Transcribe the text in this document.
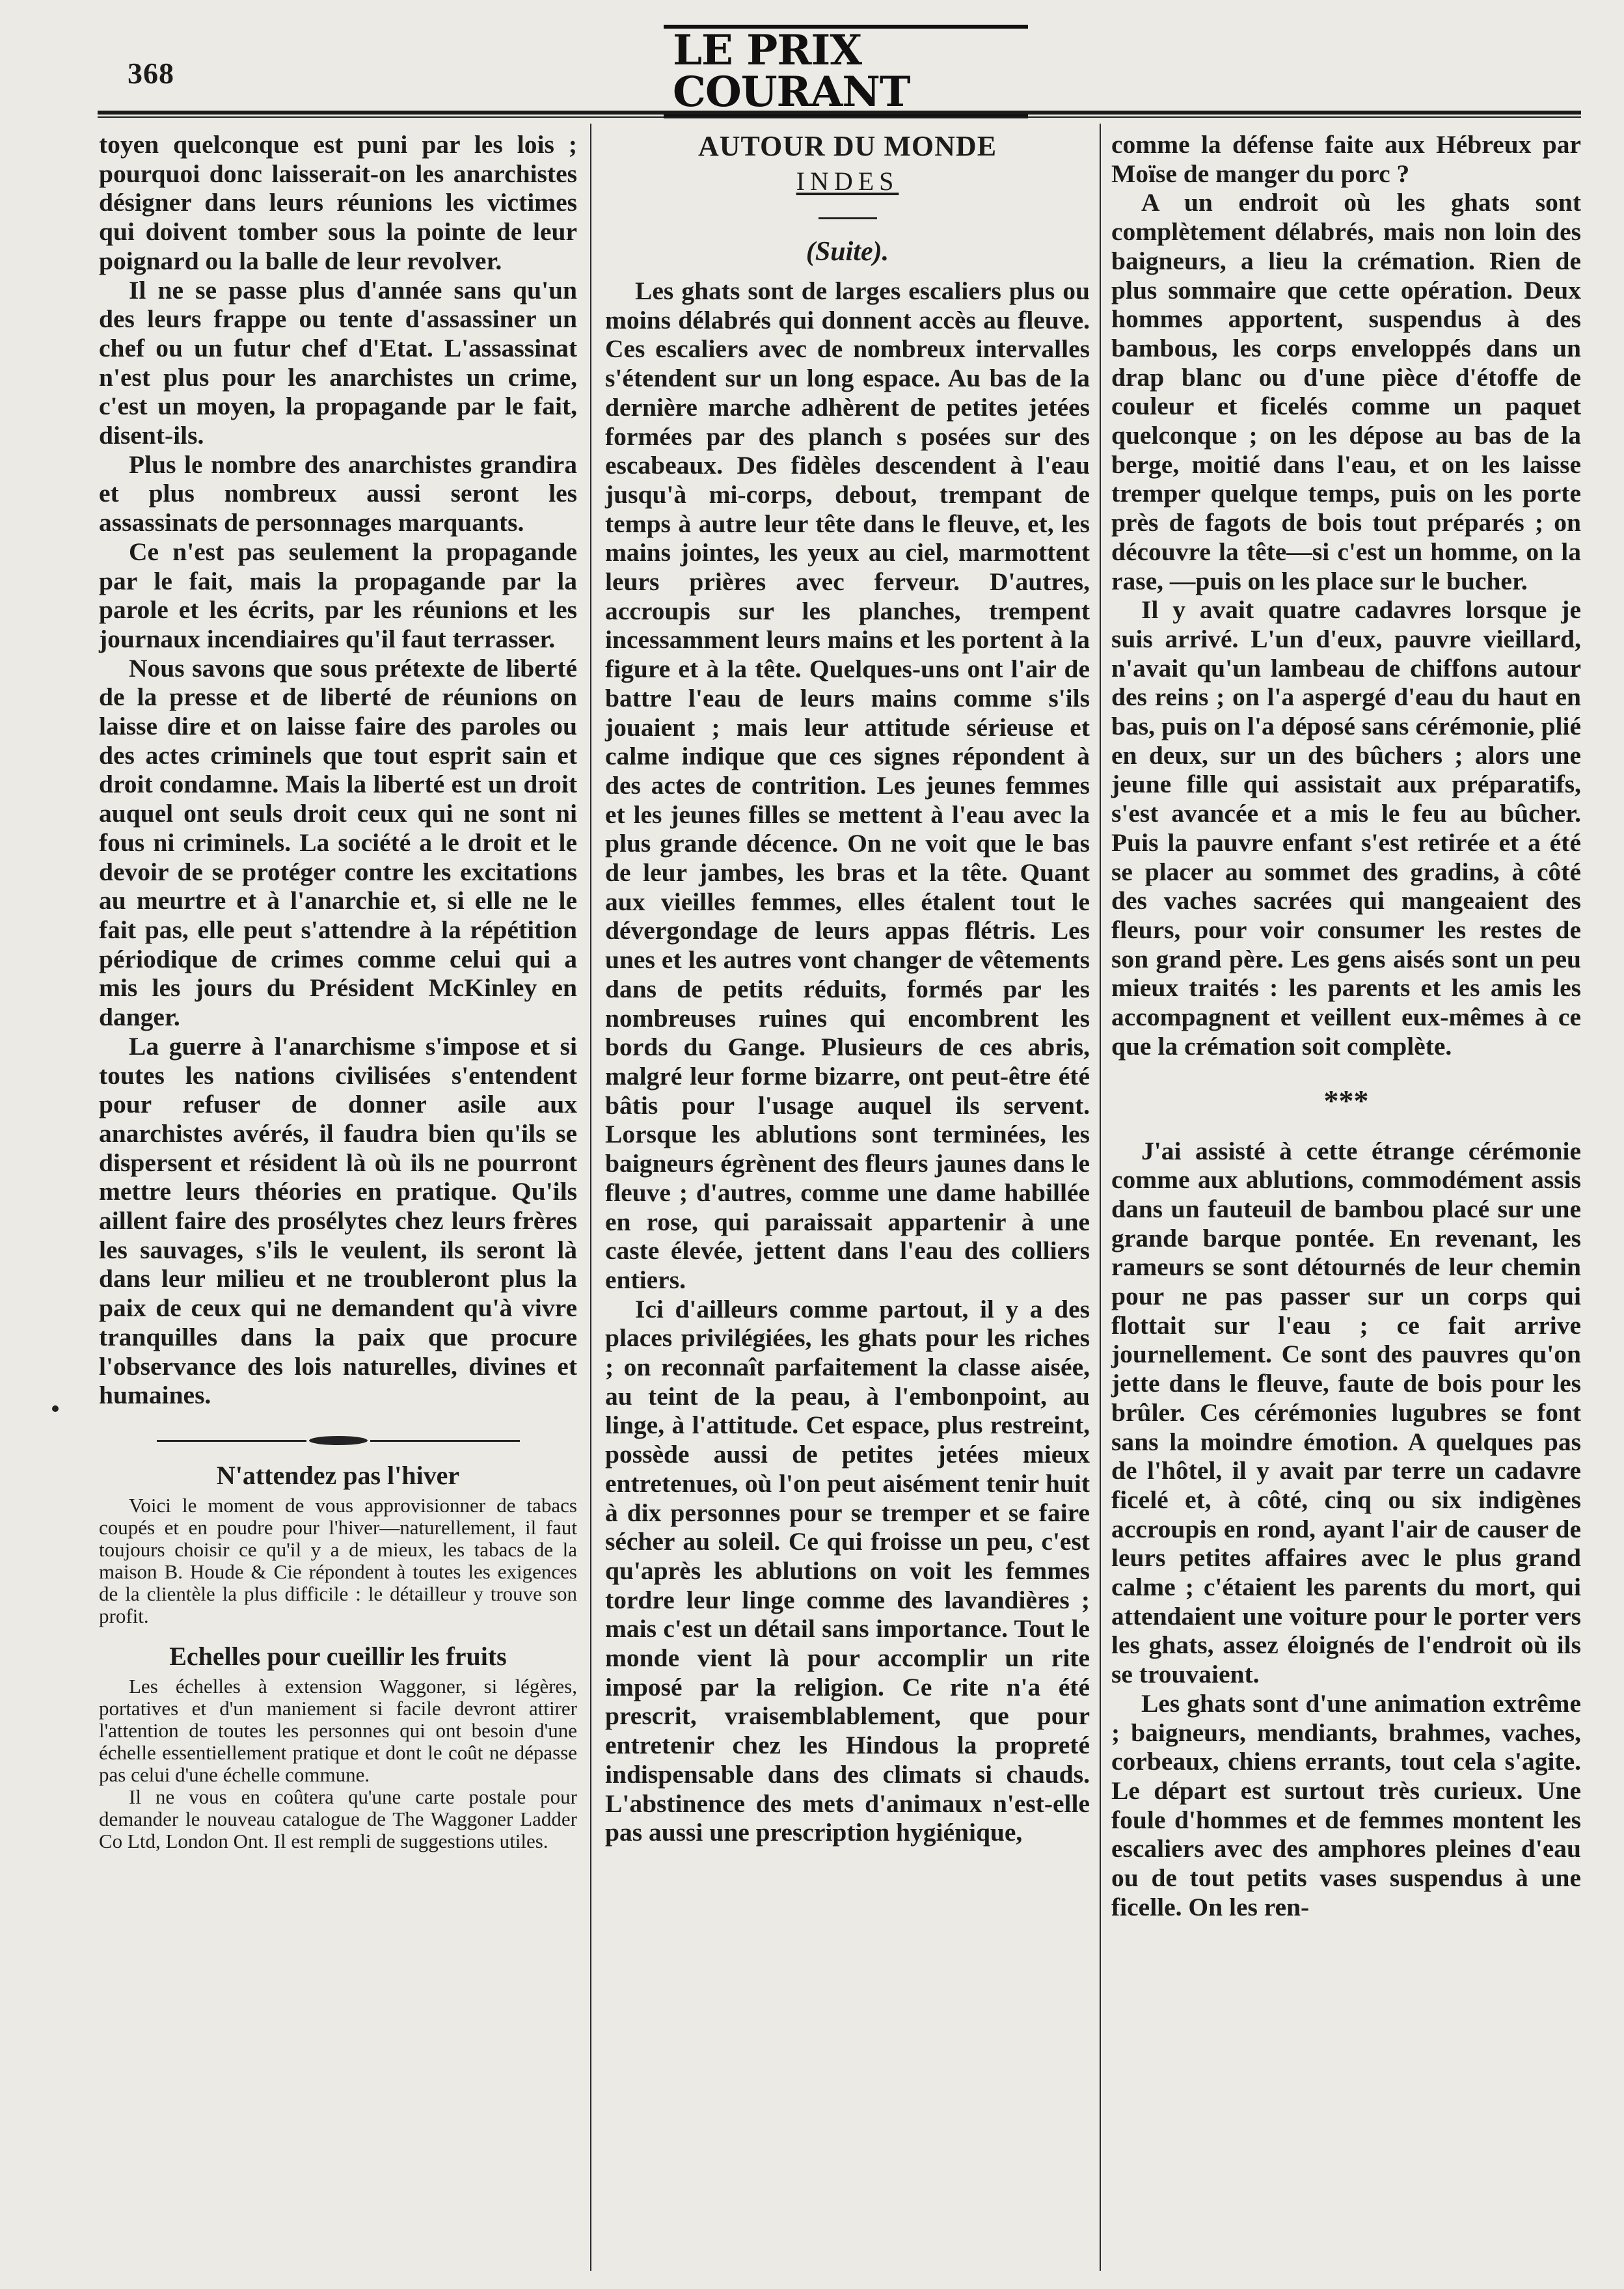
368	LE PRIX COURANT

toyen quelconque est puni par les lois ; pourquoi donc laisserait-on les anarchistes désigner dans leurs réunions les victimes qui doivent tomber sous la pointe de leur poignard ou la balle de leur revolver.

Il ne se passe plus d'année sans qu'un des leurs frappe ou tente d'assassiner un chef ou un futur chef d'Etat. L'assassinat n'est plus pour les anarchistes un crime, c'est un moyen, la propagande par le fait, disent-ils.

Plus le nombre des anarchistes grandira et plus nombreux aussi seront les assassinats de personnages marquants.

Ce n'est pas seulement la propagande par le fait, mais la propagande par la parole et les écrits, par les réunions et les journaux incendiaires qu'il faut terrasser.

Nous savons que sous prétexte de liberté de la presse et de liberté de réunions on laisse dire et on laisse faire des paroles ou des actes criminels que tout esprit sain et droit condamne. Mais la liberté est un droit auquel ont seuls droit ceux qui ne sont ni fous ni criminels. La société a le droit et le devoir de se protéger contre les excitations au meurtre et à l'anarchie et, si elle ne le fait pas, elle peut s'attendre à la répétition périodique de crimes comme celui qui a mis les jours du Président McKinley en danger.

La guerre à l'anarchisme s'impose et si toutes les nations civilisées s'entendent pour refuser de donner asile aux anarchistes avérés, il faudra bien qu'ils se dispersent et résident là où ils ne pourront mettre leurs théories en pratique. Qu'ils aillent faire des prosélytes chez leurs frères les sauvages, s'ils le veulent, ils seront là dans leur milieu et ne troubleront plus la paix de ceux qui ne demandent qu'à vivre tranquilles dans la paix que procure l'observance des lois naturelles, divines et humaines.

N'attendez pas l'hiver

Voici le moment de vous approvisionner de tabacs coupés et en poudre pour l'hiver—naturellement, il faut toujours choisir ce qu'il y a de mieux, les tabacs de la maison B. Houde & Cie répondent à toutes les exigences de la clientèle la plus difficile : le détailleur y trouve son profit.

Echelles pour cueillir les fruits

Les échelles à extension Waggoner, si légères, portatives et d'un maniement si facile devront attirer l'attention de toutes les personnes qui ont besoin d'une échelle essentiellement pratique et dont le coût ne dépasse pas celui d'une échelle commune.

Il ne vous en coûtera qu'une carte postale pour demander le nouveau catalogue de The Waggoner Ladder Co Ltd, London Ont. Il est rempli de suggestions utiles.

AUTOUR DU MONDE
INDES
(Suite).

Les ghats sont de larges escaliers plus ou moins délabrés qui donnent accès au fleuve. Ces escaliers avec de nombreux intervalles s'étendent sur un long espace. Au bas de la dernière marche adhèrent de petites jetées formées par des planch s posées sur des escabeaux. Des fidèles descendent à l'eau jusqu'à mi-corps, debout, trempant de temps à autre leur tête dans le fleuve, et, les mains jointes, les yeux au ciel, marmottent leurs prières avec ferveur. D'autres, accroupis sur les planches, trempent incessamment leurs mains et les portent à la figure et à la tête. Quelques-uns ont l'air de battre l'eau de leurs mains comme s'ils jouaient ; mais leur attitude sérieuse et calme indique que ces signes répondent à des actes de contrition. Les jeunes femmes et les jeunes filles se mettent à l'eau avec la plus grande décence. On ne voit que le bas de leur jambes, les bras et la tête. Quant aux vieilles femmes, elles étalent tout le dévergondage de leurs appas flétris. Les unes et les autres vont changer de vêtements dans de petits réduits, formés par les nombreuses ruines qui encombrent les bords du Gange. Plusieurs de ces abris, malgré leur forme bizarre, ont peut-être été bâtis pour l'usage auquel ils servent. Lorsque les ablutions sont terminées, les baigneurs égrènent des fleurs jaunes dans le fleuve ; d'autres, comme une dame habillée en rose, qui paraissait appartenir à une caste élevée, jettent dans l'eau des colliers entiers.

Ici d'ailleurs comme partout, il y a des places privilégiées, les ghats pour les riches ; on reconnaît parfaitement la classe aisée, au teint de la peau, à l'embonpoint, au linge, à l'attitude. Cet espace, plus restreint, possède aussi de petites jetées mieux entretenues, où l'on peut aisément tenir huit à dix personnes pour se tremper et se faire sécher au soleil. Ce qui froisse un peu, c'est qu'après les ablutions on voit les femmes tordre leur linge comme des lavandières ; mais c'est un détail sans importance. Tout le monde vient là pour accomplir un rite imposé par la religion. Ce rite n'a été prescrit, vraisemblablement, que pour entretenir chez les Hindous la propreté indispensable dans des climats si chauds. L'abstinence des mets d'animaux n'est-elle pas aussi une prescription hygiénique,

comme la défense faite aux Hébreux par Moïse de manger du porc ?

A un endroit où les ghats sont complètement délabrés, mais non loin des baigneurs, a lieu la crémation. Rien de plus sommaire que cette opération. Deux hommes apportent, suspendus à des bambous, les corps enveloppés dans un drap blanc ou d'une pièce d'étoffe de couleur et ficelés comme un paquet quelconque ; on les dépose au bas de la berge, moitié dans l'eau, et on les laisse tremper quelque temps, puis on les porte près de fagots de bois tout préparés ; on découvre la tête—si c'est un homme, on la rase, —puis on les place sur le bucher.

Il y avait quatre cadavres lorsque je suis arrivé. L'un d'eux, pauvre vieillard, n'avait qu'un lambeau de chiffons autour des reins ; on l'a aspergé d'eau du haut en bas, puis on l'a déposé sans cérémonie, plié en deux, sur un des bûchers ; alors une jeune fille qui assistait aux préparatifs, s'est avancée et a mis le feu au bûcher. Puis la pauvre enfant s'est retirée et a été se placer au sommet des gradins, à côté des vaches sacrées qui mangeaient des fleurs, pour voir consumer les restes de son grand père. Les gens aisés sont un peu mieux traités : les parents et les amis les accompagnent et veillent eux-mêmes à ce que la crémation soit complète.

***

J'ai assisté à cette étrange cérémonie comme aux ablutions, commodément assis dans un fauteuil de bambou placé sur une grande barque pontée. En revenant, les rameurs se sont détournés de leur chemin pour ne pas passer sur un corps qui flottait sur l'eau ; ce fait arrive journellement. Ce sont des pauvres qu'on jette dans le fleuve, faute de bois pour les brûler. Ces cérémonies lugubres se font sans la moindre émotion. A quelques pas de l'hôtel, il y avait par terre un cadavre ficelé et, à côté, cinq ou six indigènes accroupis en rond, ayant l'air de causer de leurs petites affaires avec le plus grand calme ; c'étaient les parents du mort, qui attendaient une voiture pour le porter vers les ghats, assez éloignés de l'endroit où ils se trouvaient.

Les ghats sont d'une animation extrême ; baigneurs, mendiants, brahmes, vaches, corbeaux, chiens errants, tout cela s'agite. Le départ est surtout très curieux. Une foule d'hommes et de femmes montent les escaliers avec des amphores pleines d'eau ou de tout petits vases suspendus à une ficelle. On les ren-
